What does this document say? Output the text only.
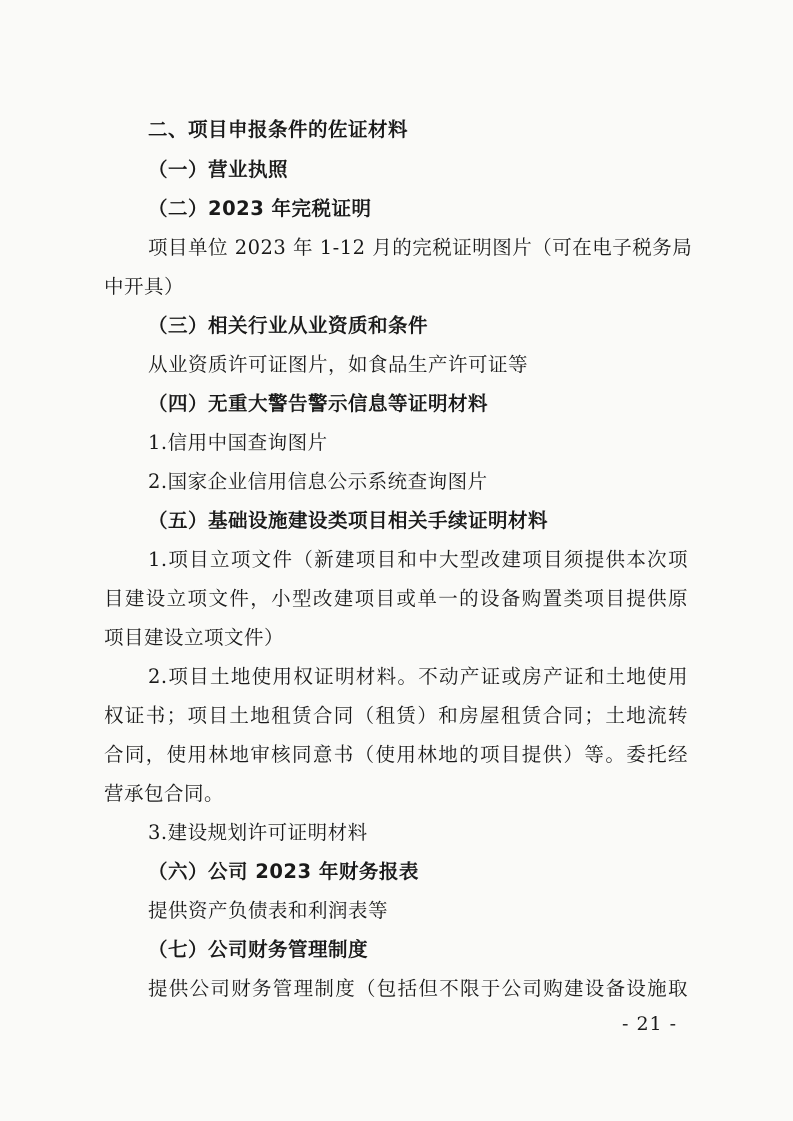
二、项目申报条件的佐证材料
（一）营业执照
（二）2023 年完税证明
项目单位 2023 年 1-12 月的完税证明图片（可在电子税务局
中开具）
（三）相关行业从业资质和条件
从业资质许可证图片，如食品生产许可证等
（四）无重大警告警示信息等证明材料
1.信用中国查询图片
2.国家企业信用信息公示系统查询图片
（五）基础设施建设类项目相关手续证明材料
1.项目立项文件（新建项目和中大型改建项目须提供本次项
目建设立项文件，小型改建项目或单一的设备购置类项目提供原
项目建设立项文件）
2.项目土地使用权证明材料。不动产证或房产证和土地使用
权证书；项目土地租赁合同（租赁）和房屋租赁合同；土地流转
合同，使用林地审核同意书（使用林地的项目提供）等。委托经
营承包合同。
3.建设规划许可证明材料
（六）公司 2023 年财务报表
提供资产负债表和利润表等
（七）公司财务管理制度
提供公司财务管理制度（包括但不限于公司购建设备设施取
- 21 -
